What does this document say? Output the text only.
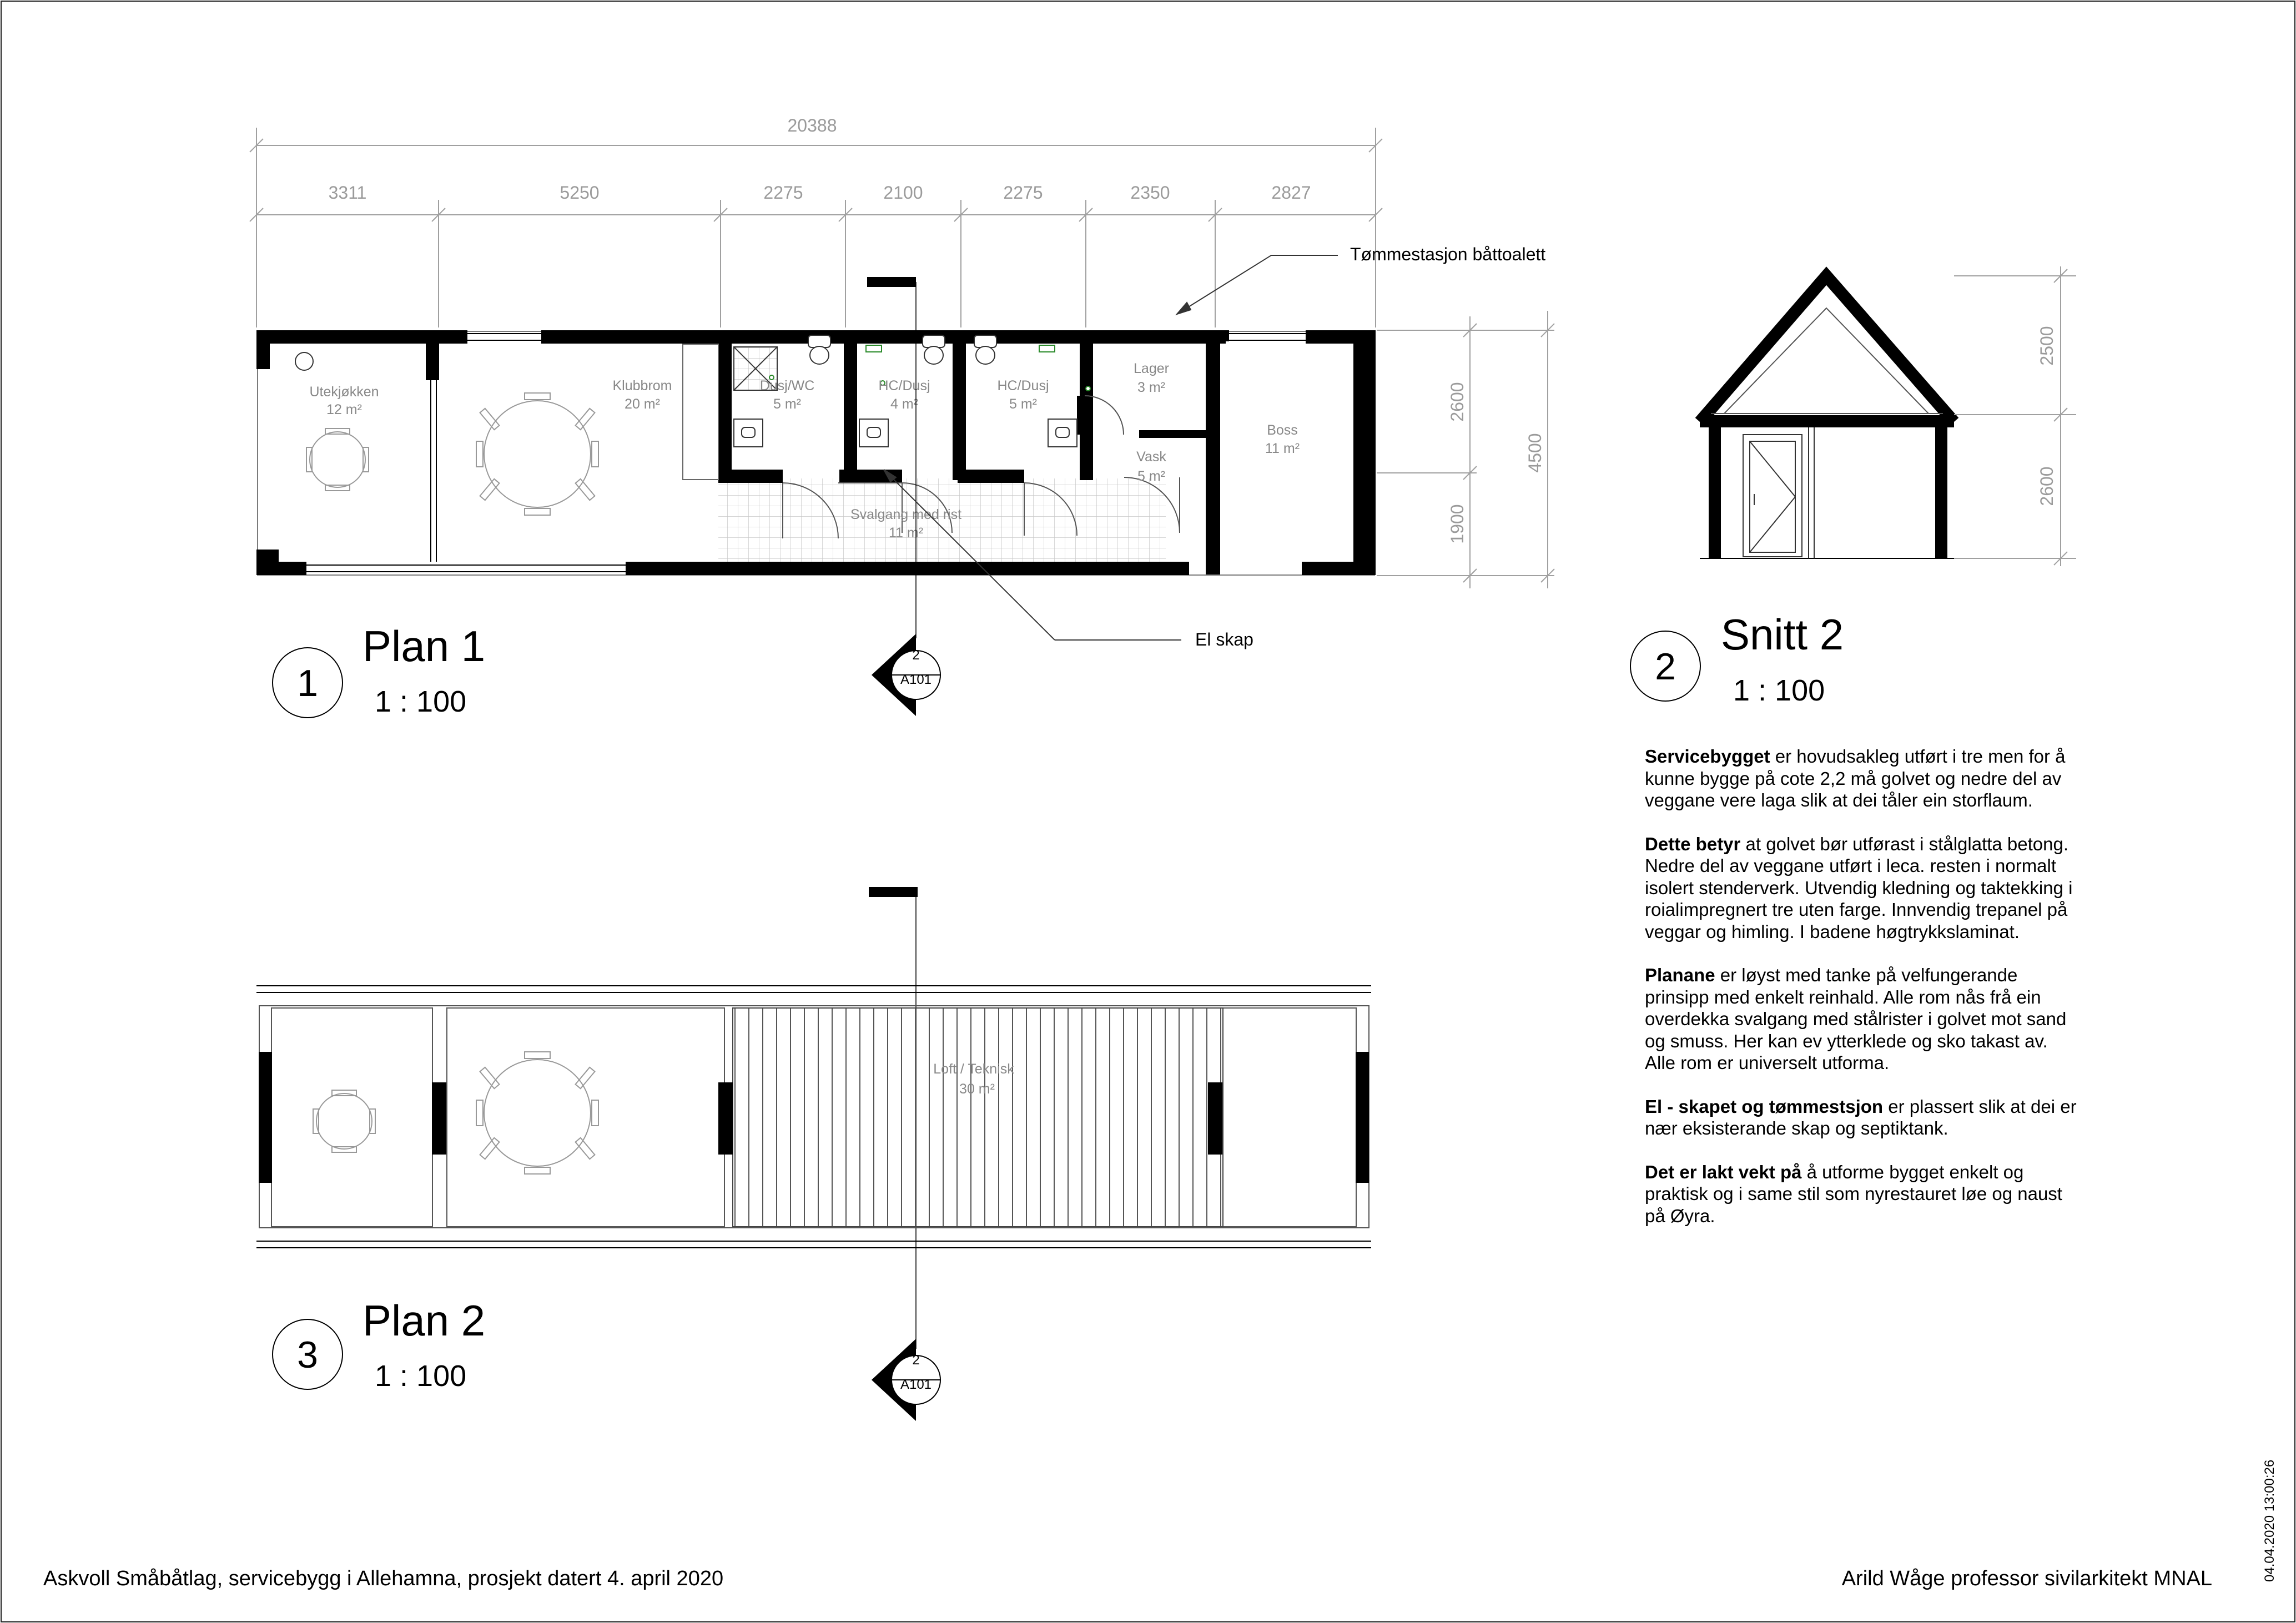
20388
3311	5250	2275	2100	2275	2350	2827
2600
1900
4500
Utekjøkken
12 m²
Klubbrom
20 m²
Dusj/WC
5 m²
HC/Dusj
4 m²
HC/Dusj
5 m²
Lager
3 m²
Vask
5 m²
Boss
11 m²
Svalgang med rist
11 m²
Tømmestasjon båttoalett
El skap
2
A101
1
Plan 1
1 : 100
2500
2600
2
Snitt 2
1 : 100
Loft / Teknisk
30 m²
2
A101
3
Plan 2
1 : 100
Askvoll Småbåtlag, servicebygg i Allehamna, prosjekt datert 4. april 2020	Arild Wåge professor sivilarkitekt MNAL	04.04.2020 13:00:26

Servicebygget er hovudsakleg utført i tre men for å kunne bygge på cote 2,2 må golvet og nedre del av veggane vere laga slik at dei tåler ein storflaum.

Dette betyr at golvet bør utførast i stålglatta betong. Nedre del av veggane utført i leca. resten i normalt isolert stenderverk. Utvendig kledning og taktekking i roialimpregnert tre uten farge. Innvendig trepanel på veggar og himling. I badene høgtrykkslaminat.

Planane er løyst med tanke på velfungerande prinsipp med enkelt reinhald. Alle rom nås frå ein overdekka svalgang med stålrister i golvet mot sand og smuss. Her kan ev ytterklede og sko takast av. Alle rom er universelt utforma.

El - skapet og tømmestsjon er plassert slik at dei er nær eksisterande skap og septiktank.

Det er lakt vekt på å utforme bygget enkelt og praktisk og i same stil som nyrestauret løe og naust på Øyra.
